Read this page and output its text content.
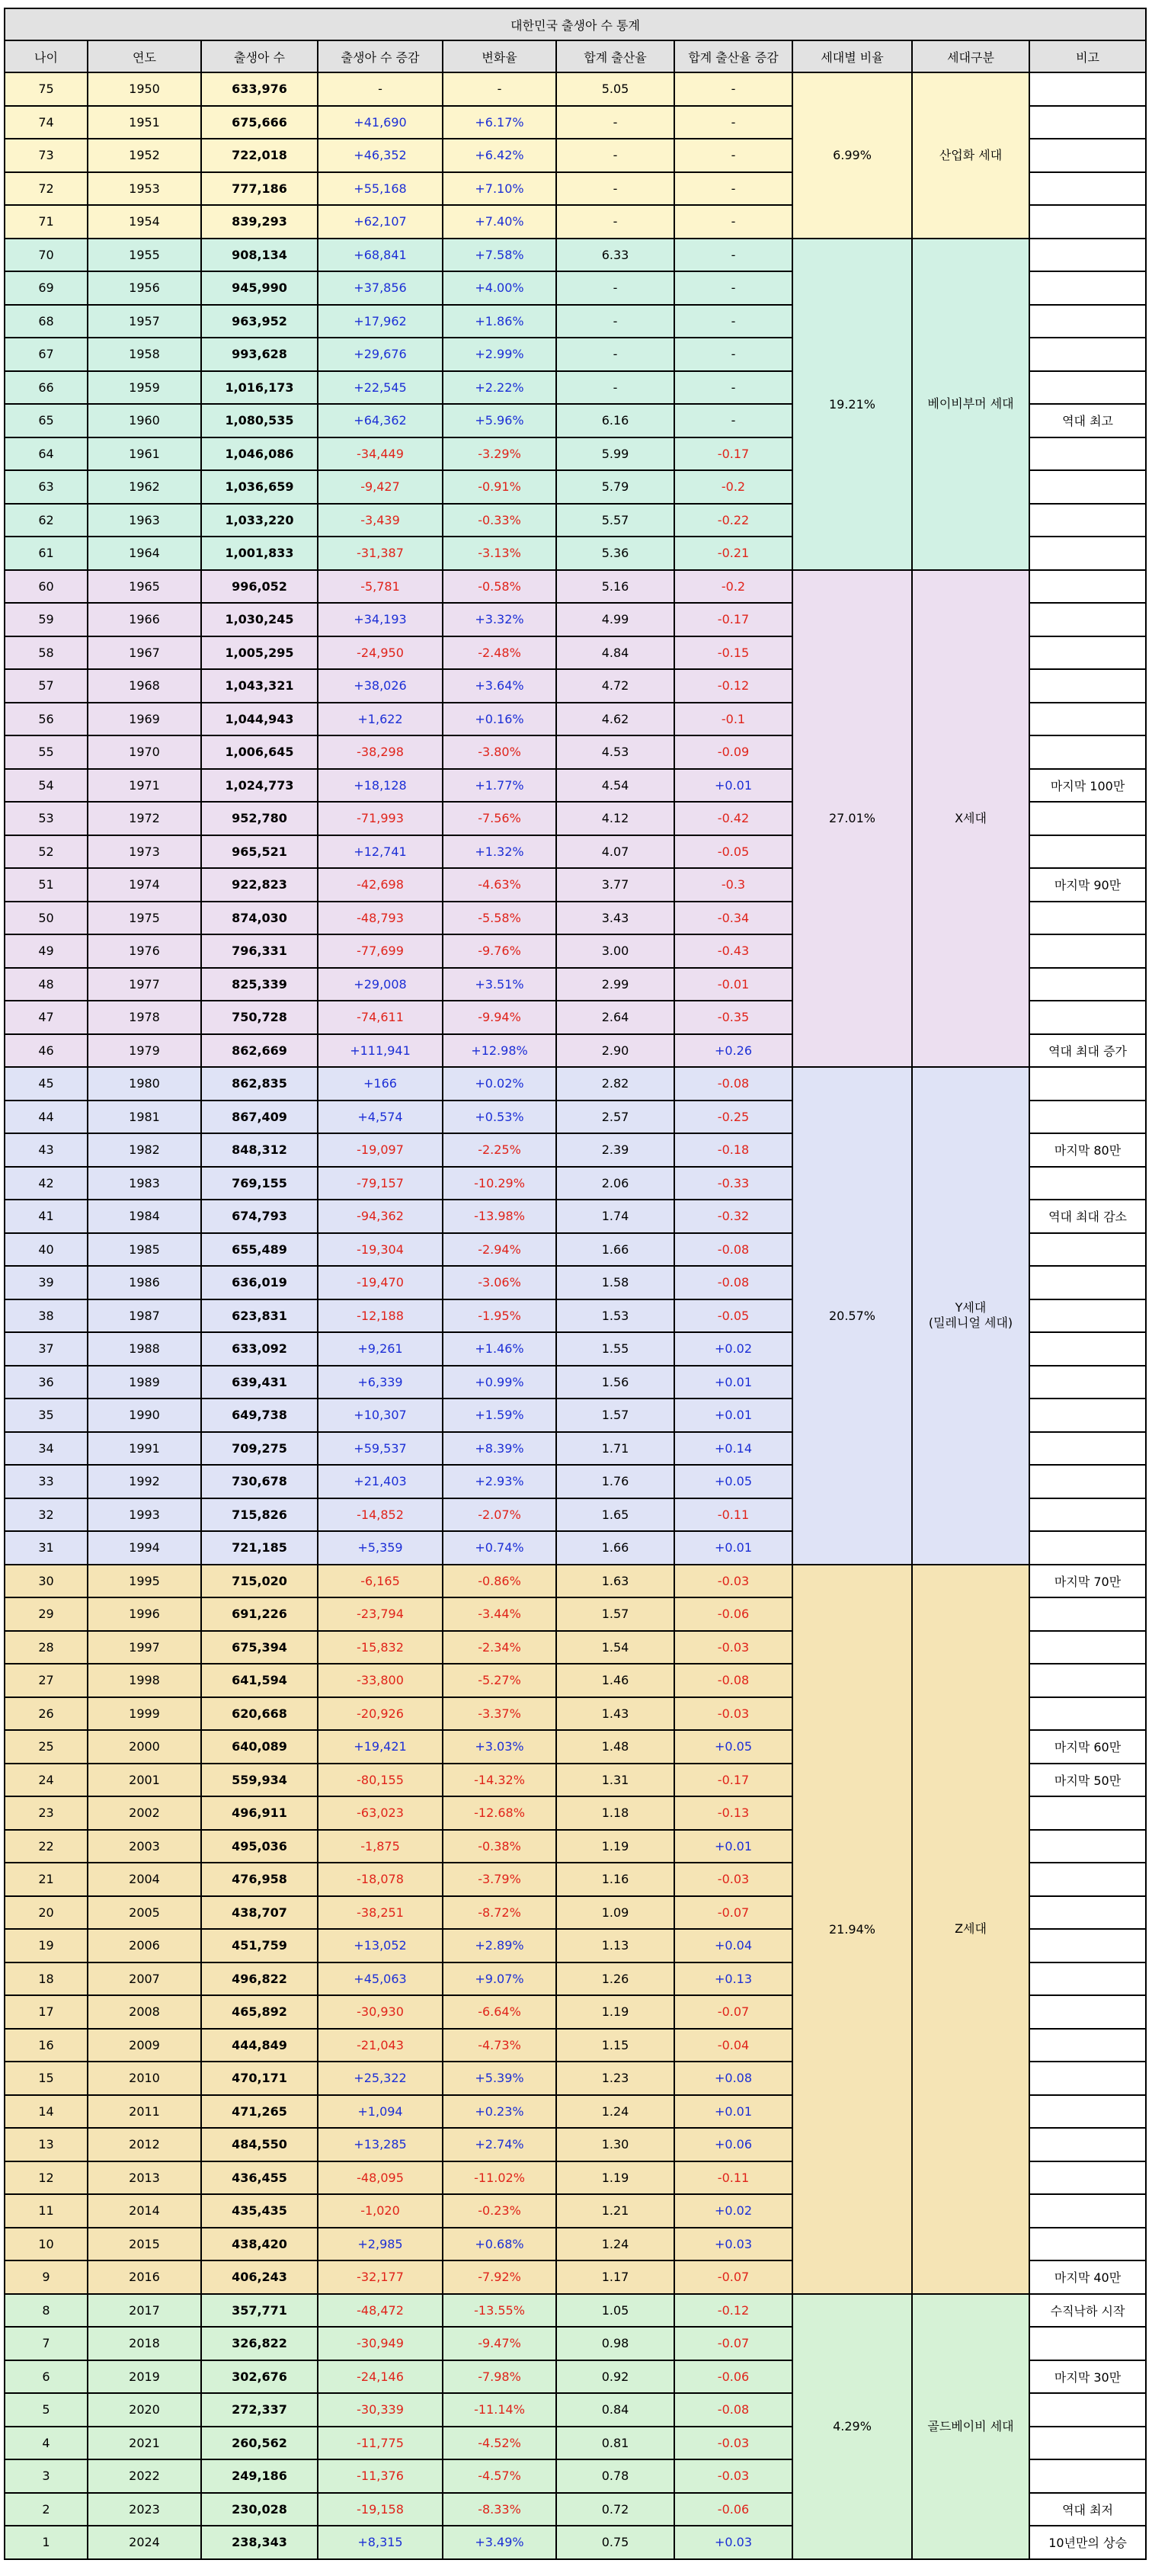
대한민국 출생아 수 통계									
나이	연도	출생아 수	출생아 수 증감	변화율	합계 출산율	합계 출산율 증감	세대별 비율	세대구분	비고
75	1950	633,976	-	-	5.05	-	6.99%	산업화 세대	
74	1951	675,666	+41,690	+6.17%	-	-			
73	1952	722,018	+46,352	+6.42%	-	-			
72	1953	777,186	+55,168	+7.10%	-	-			
71	1954	839,293	+62,107	+7.40%	-	-			
70	1955	908,134	+68,841	+7.58%	6.33	-	19.21%	베이비부머 세대	
69	1956	945,990	+37,856	+4.00%	-	-			
68	1957	963,952	+17,962	+1.86%	-	-			
67	1958	993,628	+29,676	+2.99%	-	-			
66	1959	1,016,173	+22,545	+2.22%	-	-			
65	1960	1,080,535	+64,362	+5.96%	6.16	-			역대 최고
64	1961	1,046,086	-34,449	-3.29%	5.99	-0.17			
63	1962	1,036,659	-9,427	-0.91%	5.79	-0.2			
62	1963	1,033,220	-3,439	-0.33%	5.57	-0.22			
61	1964	1,001,833	-31,387	-3.13%	5.36	-0.21			
60	1965	996,052	-5,781	-0.58%	5.16	-0.2	27.01%	X세대	
59	1966	1,030,245	+34,193	+3.32%	4.99	-0.17			
58	1967	1,005,295	-24,950	-2.48%	4.84	-0.15			
57	1968	1,043,321	+38,026	+3.64%	4.72	-0.12			
56	1969	1,044,943	+1,622	+0.16%	4.62	-0.1			
55	1970	1,006,645	-38,298	-3.80%	4.53	-0.09			
54	1971	1,024,773	+18,128	+1.77%	4.54	+0.01			마지막 100만
53	1972	952,780	-71,993	-7.56%	4.12	-0.42			
52	1973	965,521	+12,741	+1.32%	4.07	-0.05			
51	1974	922,823	-42,698	-4.63%	3.77	-0.3			마지막 90만
50	1975	874,030	-48,793	-5.58%	3.43	-0.34			
49	1976	796,331	-77,699	-9.76%	3.00	-0.43			
48	1977	825,339	+29,008	+3.51%	2.99	-0.01			
47	1978	750,728	-74,611	-9.94%	2.64	-0.35			
46	1979	862,669	+111,941	+12.98%	2.90	+0.26			역대 최대 증가
45	1980	862,835	+166	+0.02%	2.82	-0.08	20.57%	Y세대
(밀레니얼 세대)	
44	1981	867,409	+4,574	+0.53%	2.57	-0.25			
43	1982	848,312	-19,097	-2.25%	2.39	-0.18			마지막 80만
42	1983	769,155	-79,157	-10.29%	2.06	-0.33			
41	1984	674,793	-94,362	-13.98%	1.74	-0.32			역대 최대 감소
40	1985	655,489	-19,304	-2.94%	1.66	-0.08			
39	1986	636,019	-19,470	-3.06%	1.58	-0.08			
38	1987	623,831	-12,188	-1.95%	1.53	-0.05			
37	1988	633,092	+9,261	+1.46%	1.55	+0.02			
36	1989	639,431	+6,339	+0.99%	1.56	+0.01			
35	1990	649,738	+10,307	+1.59%	1.57	+0.01			
34	1991	709,275	+59,537	+8.39%	1.71	+0.14			
33	1992	730,678	+21,403	+2.93%	1.76	+0.05			
32	1993	715,826	-14,852	-2.07%	1.65	-0.11			
31	1994	721,185	+5,359	+0.74%	1.66	+0.01			
30	1995	715,020	-6,165	-0.86%	1.63	-0.03	21.94%	Z세대	마지막 70만
29	1996	691,226	-23,794	-3.44%	1.57	-0.06			
28	1997	675,394	-15,832	-2.34%	1.54	-0.03			
27	1998	641,594	-33,800	-5.27%	1.46	-0.08			
26	1999	620,668	-20,926	-3.37%	1.43	-0.03			
25	2000	640,089	+19,421	+3.03%	1.48	+0.05			마지막 60만
24	2001	559,934	-80,155	-14.32%	1.31	-0.17			마지막 50만
23	2002	496,911	-63,023	-12.68%	1.18	-0.13			
22	2003	495,036	-1,875	-0.38%	1.19	+0.01			
21	2004	476,958	-18,078	-3.79%	1.16	-0.03			
20	2005	438,707	-38,251	-8.72%	1.09	-0.07			
19	2006	451,759	+13,052	+2.89%	1.13	+0.04			
18	2007	496,822	+45,063	+9.07%	1.26	+0.13			
17	2008	465,892	-30,930	-6.64%	1.19	-0.07			
16	2009	444,849	-21,043	-4.73%	1.15	-0.04			
15	2010	470,171	+25,322	+5.39%	1.23	+0.08			
14	2011	471,265	+1,094	+0.23%	1.24	+0.01			
13	2012	484,550	+13,285	+2.74%	1.30	+0.06			
12	2013	436,455	-48,095	-11.02%	1.19	-0.11			
11	2014	435,435	-1,020	-0.23%	1.21	+0.02			
10	2015	438,420	+2,985	+0.68%	1.24	+0.03			
9	2016	406,243	-32,177	-7.92%	1.17	-0.07			마지막 40만
8	2017	357,771	-48,472	-13.55%	1.05	-0.12	4.29%	골드베이비 세대	수직낙하 시작
7	2018	326,822	-30,949	-9.47%	0.98	-0.07			
6	2019	302,676	-24,146	-7.98%	0.92	-0.06			마지막 30만
5	2020	272,337	-30,339	-11.14%	0.84	-0.08			
4	2021	260,562	-11,775	-4.52%	0.81	-0.03			
3	2022	249,186	-11,376	-4.57%	0.78	-0.03			
2	2023	230,028	-19,158	-8.33%	0.72	-0.06			역대 최저
1	2024	238,343	+8,315	+3.49%	0.75	+0.03			10년만의 상승
